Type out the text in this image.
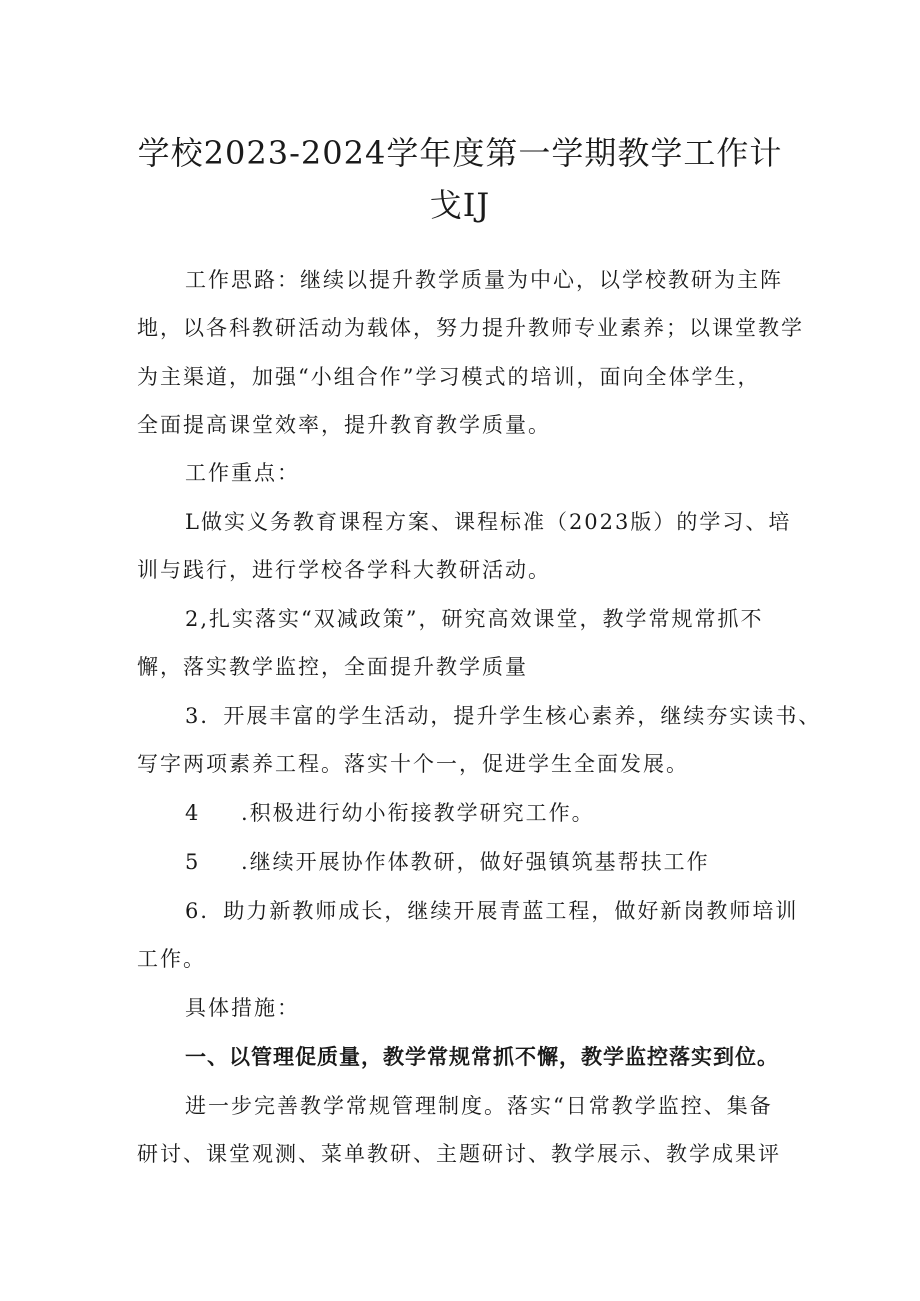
学校2023-2024学年度第一学期教学工作计
戈IJ
工作思路：继续以提升教学质量为中心，以学校教研为主阵
地，以各科教研活动为载体，努力提升教师专业素养；以课堂教学
为主渠道，加强“小组合作”学习模式的培训，面向全体学生，
全面提高课堂效率，提升教育教学质量。
工作重点：
L做实义务教育课程方案、课程标准（2023版）的学习、培
训与践行，进行学校各学科大教研活动。
2,扎实落实“双减政策”，研究高效课堂，教学常规常抓不
懈，落实教学监控，全面提升教学质量
3．开展丰富的学生活动，提升学生核心素养，继续夯实读书、
写字两项素养工程。落实十个一，促进学生全面发展。
4 .积极进行幼小衔接教学研究工作。
5 .继续开展协作体教研，做好强镇筑基帮扶工作
6．助力新教师成长，继续开展青蓝工程，做好新岗教师培训
工作。
具体措施：
一、以管理促质量，教学常规常抓不懈，教学监控落实到位。
进一步完善教学常规管理制度。落实“日常教学监控、集备
研讨、课堂观测、菜单教研、主题研讨、教学展示、教学成果评
